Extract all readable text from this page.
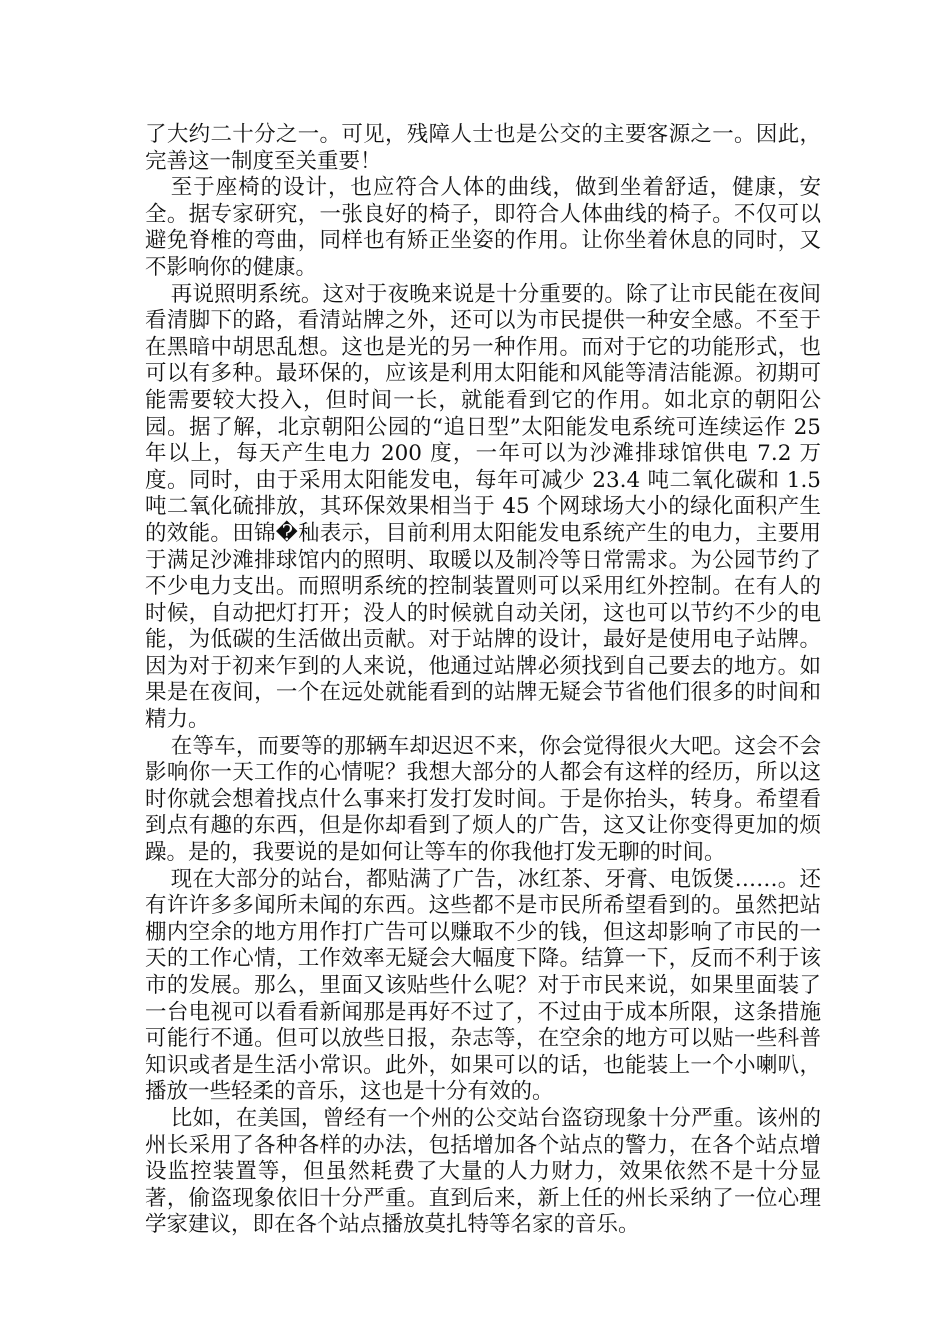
了大约二十分之一。可见，残障人士也是公交的主要客源之一。因此，完善这一制度至关重要！

至于座椅的设计，也应符合人体的曲线，做到坐着舒适，健康，安全。据专家研究，一张良好的椅子，即符合人体曲线的椅子。不仅可以避免脊椎的弯曲，同样也有矫正坐姿的作用。让你坐着休息的同时，又不影响你的健康。

再说照明系统。这对于夜晚来说是十分重要的。除了让市民能在夜间看清脚下的路，看清站牌之外，还可以为市民提供一种安全感。不至于在黑暗中胡思乱想。这也是光的另一种作用。而对于它的功能形式，也可以有多种。最环保的，应该是利用太阳能和风能等清洁能源。初期可能需要较大投入，但时间一长，就能看到它的作用。如北京的朝阳公园。据了解，北京朝阳公园的“追日型”太阳能发电系统可连续运作 25 年以上，每天产生电力 200 度，一年可以为沙滩排球馆供电 7.2 万度。同时，由于采用太阳能发电，每年可减少 23.4 吨二氧化碳和 1.5 吨二氧化硫排放，其环保效果相当于 45 个网球场大小的绿化面积产生的效能。田锦�秈表示，目前利用太阳能发电系统产生的电力，主要用于满足沙滩排球馆内的照明、取暖以及制冷等日常需求。为公园节约了不少电力支出。而照明系统的控制装置则可以采用红外控制。在有人的时候，自动把灯打开；没人的时候就自动关闭，这也可以节约不少的电能，为低碳的生活做出贡献。对于站牌的设计，最好是使用电子站牌。因为对于初来乍到的人来说，他通过站牌必须找到自己要去的地方。如果是在夜间，一个在远处就能看到的站牌无疑会节省他们很多的时间和精力。

在等车，而要等的那辆车却迟迟不来，你会觉得很火大吧。这会不会影响你一天工作的心情呢？我想大部分的人都会有这样的经历，所以这时你就会想着找点什么事来打发打发时间。于是你抬头，转身。希望看到点有趣的东西，但是你却看到了烦人的广告，这又让你变得更加的烦躁。是的，我要说的是如何让等车的你我他打发无聊的时间。

现在大部分的站台，都贴满了广告，冰红茶、牙膏、电饭煲……。还有许许多多闻所未闻的东西。这些都不是市民所希望看到的。虽然把站棚内空余的地方用作打广告可以赚取不少的钱，但这却影响了市民的一天的工作心情，工作效率无疑会大幅度下降。结算一下，反而不利于该市的发展。那么，里面又该贴些什么呢？对于市民来说，如果里面装了一台电视可以看看新闻那是再好不过了，不过由于成本所限，这条措施可能行不通。但可以放些日报，杂志等，在空余的地方可以贴一些科普知识或者是生活小常识。此外，如果可以的话，也能装上一个小喇叭，播放一些轻柔的音乐，这也是十分有效的。

比如，在美国，曾经有一个州的公交站台盗窃现象十分严重。该州的州长采用了各种各样的办法，包括增加各个站点的警力，在各个站点增设监控装置等，但虽然耗费了大量的人力财力，效果依然不是十分显著，偷盗现象依旧十分严重。直到后来，新上任的州长采纳了一位心理学家建议，即在各个站点播放莫扎特等名家的音乐。
